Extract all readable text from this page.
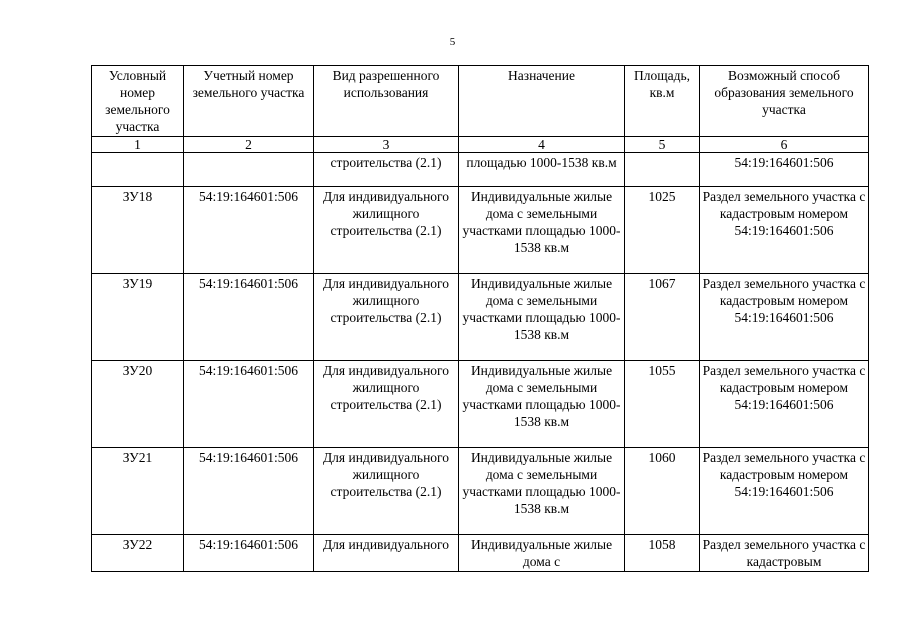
5
Условный номер земельного участка	Учетный номер земельного участка	Вид разрешенного использования	Назначение	Площадь, кв.м	Возможный способ образования земельного участка
1	2	3	4	5	6
		строительства (2.1)	площадью 1000-1538 кв.м		54:19:164601:506
ЗУ18	54:19:164601:506	Для индивидуального жилищного строительства (2.1)	Индивидуальные жилые дома с земельными участками площадью 1000-1538 кв.м	1025	Раздел земельного участка с кадастровым номером 54:19:164601:506
ЗУ19	54:19:164601:506	Для индивидуального жилищного строительства (2.1)	Индивидуальные жилые дома с земельными участками площадью 1000-1538 кв.м	1067	Раздел земельного участка с кадастровым номером 54:19:164601:506
ЗУ20	54:19:164601:506	Для индивидуального жилищного строительства (2.1)	Индивидуальные жилые дома с земельными участками площадью 1000-1538 кв.м	1055	Раздел земельного участка с кадастровым номером 54:19:164601:506
ЗУ21	54:19:164601:506	Для индивидуального жилищного строительства (2.1)	Индивидуальные жилые дома с земельными участками площадью 1000-1538 кв.м	1060	Раздел земельного участка с кадастровым номером 54:19:164601:506
ЗУ22	54:19:164601:506	Для индивидуального	Индивидуальные жилые дома с	1058	Раздел земельного участка с кадастровым
